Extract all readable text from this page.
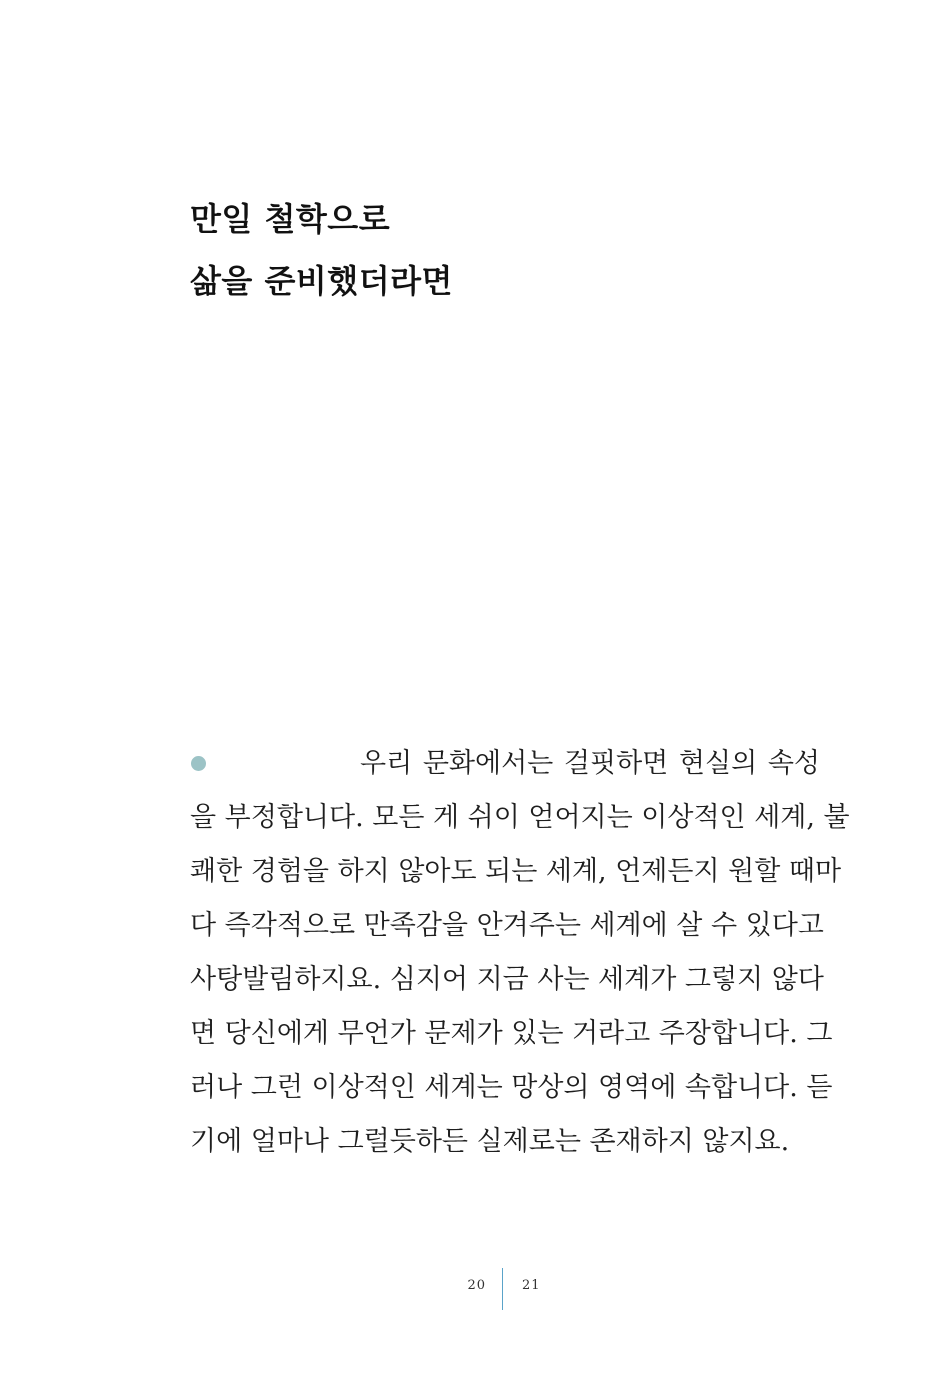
만일 철학으로
삶을 준비했더라면

우리 문화에서는 걸핏하면 현실의 속성
을 부정합니다. 모든 게 쉬이 얻어지는 이상적인 세계, 불
쾌한 경험을 하지 않아도 되는 세계, 언제든지 원할 때마
다 즉각적으로 만족감을 안겨주는 세계에 살 수 있다고
사탕발림하지요. 심지어 지금 사는 세계가 그렇지 않다
면 당신에게 무언가 문제가 있는 거라고 주장합니다. 그
러나 그런 이상적인 세계는 망상의 영역에 속합니다. 듣
기에 얼마나 그럴듯하든 실제로는 존재하지 않지요.

20	21
